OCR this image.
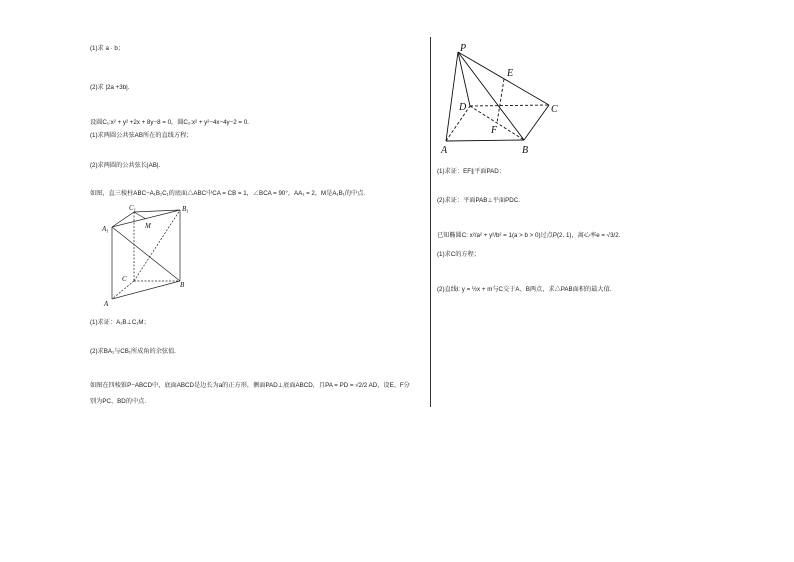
(1)求 a · b；
(2)求 |2a +3b|.
设圆C₁:x² + y² +2x + 8y−8 = 0，圆C₂:x² + y²−4x−4y−2 = 0.
(1)求两圆公共弦AB所在的直线方程；
(2)求两圆的公共弦长|AB|.
如图，直三棱柱ABC−A₁B₁C₁的底面△ABC中CA = CB = 1，∠BCA = 90°，AA₁ = 2，M是A₁B₁的中点.
$C_1$	$B_1$
$A_1$
M
C
B
A
(1)求证：A₁B⊥C₁M；
(2)求BA₁与CB₁所成角的余弦值.
如图在四棱锥P−ABCD中，底面ABCD是边长为a的正方形，侧面PAD⊥底面ABCD，且PA = PD = √2/2 AD，设E、F分
别为PC、BD的中点.
P
E
D	C
F
A	B
(1)求证：EF∥平面PAD；
(2)求证：平面PAB⊥平面PDC.
已知椭圆C: x²/a² + y²/b² = 1(a > b > 0)过点P(2, 1)，离心率e = √3/2.
(1)求C的方程；
(2)直线l: y = ½x + m与C交于A、B两点，求△PAB面积的最大值.
